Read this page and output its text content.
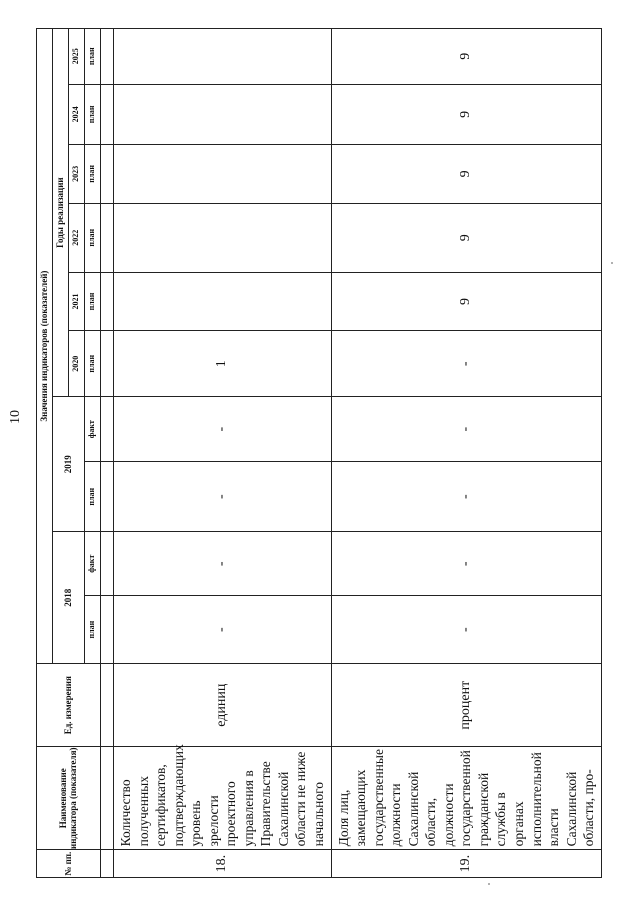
10
№ пп.	Наименование индикатора (показателя)	Ед. измерения	Значения индикаторов (показателей)									
			2018		2019		Годы реализации					
							2020	2021	2022	2023	2024	2025
			план	факт	план	факт	план	план	план	план	план	план

18.	Количество полученных сертификатов, подтверждающих уровень зрелости проектного управления в Правительстве Сахалинской области не ниже начального	единиц	-	-	-	-	1					
19.	Доля лиц, замещающих государственные должности Сахалинской области, должности государственной гражданской службы в органах исполнительной власти Сахалинской области, про-	процент	-	-	-	-	-	9	9	9	9	9
